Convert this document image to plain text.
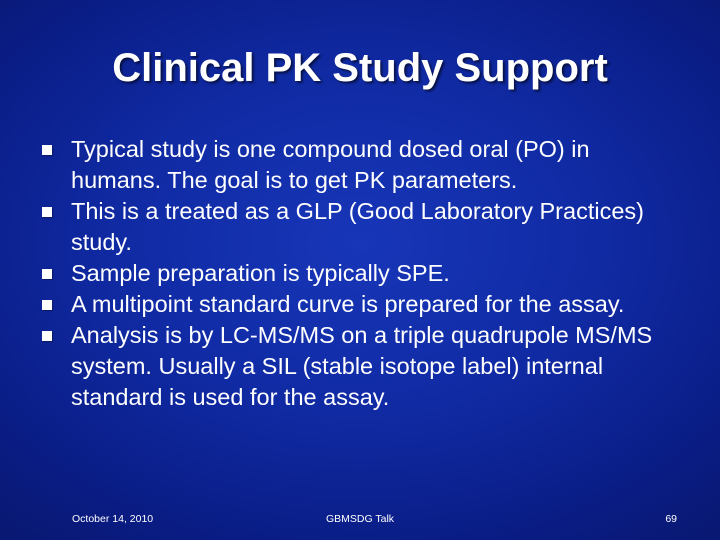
Clinical PK Study Support
Typical study is one compound dosed oral (PO) in humans. The goal is to get PK parameters.
This is a treated as a GLP (Good Laboratory Practices) study.
Sample preparation is typically SPE.
A multipoint standard curve is prepared for the assay.
Analysis is by LC-MS/MS on a triple quadrupole MS/MS system. Usually a SIL (stable isotope label) internal standard is used for the assay.
October 14, 2010	GBMSDG Talk	69
